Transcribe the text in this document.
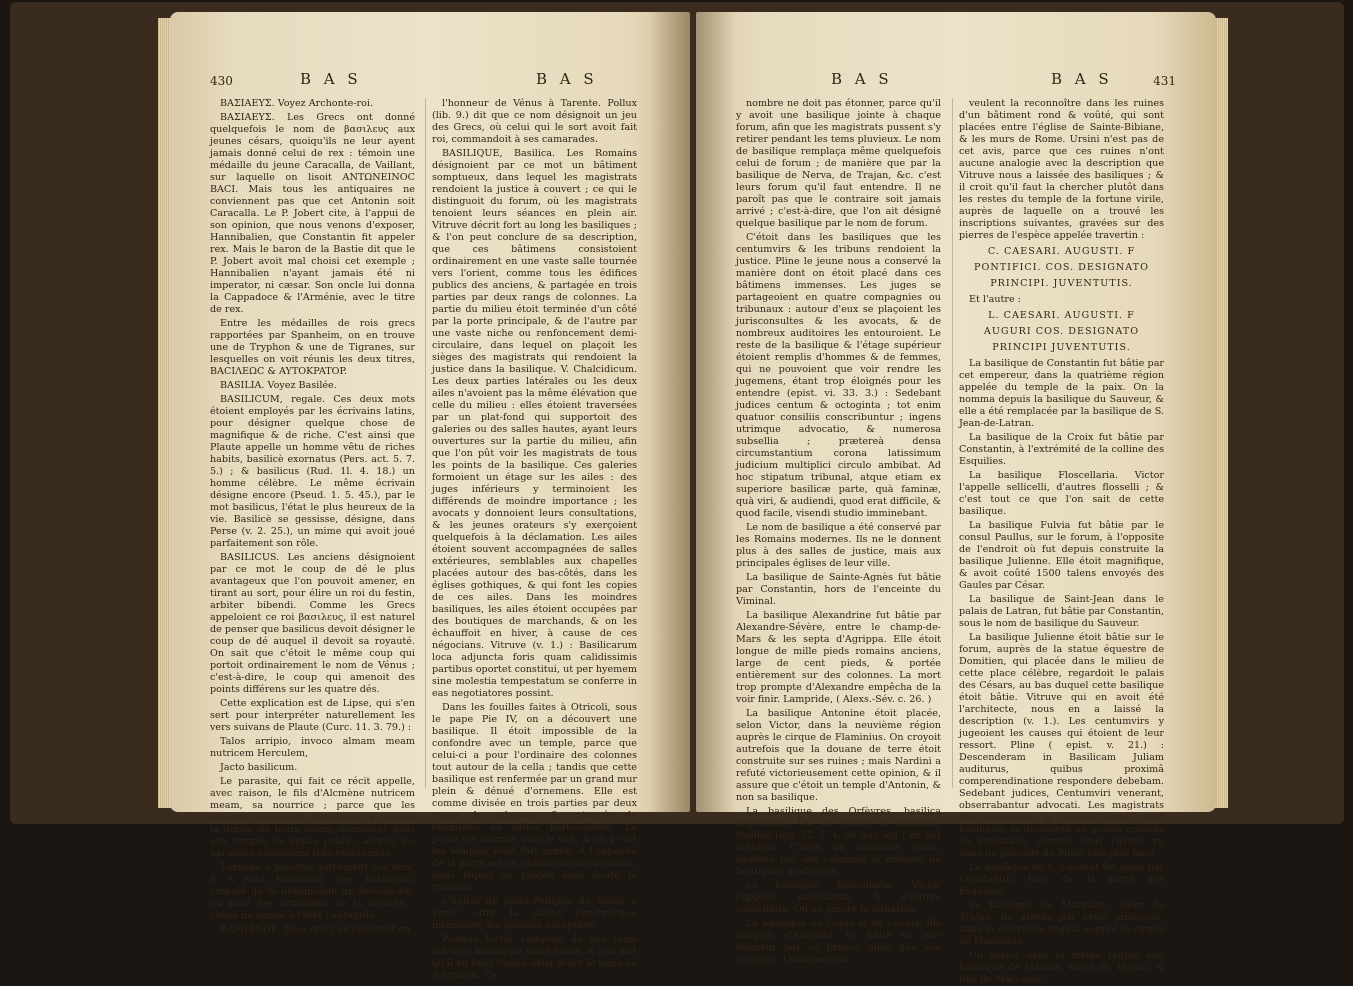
430	B A S	B A S

BAΣIAEYΣ. Voyez Archonte-roi.

BAΣIAEYΣ. Les Grecs ont donné quelquefois le nom de βασιλευς aux jeunes césars, quoiqu'ils ne leur ayent jamais donné celui de rex : témoin une médaille du jeune Caracalla, de Vaillant, sur laquelle on lisoit ANTΩNEINOC BACI. Mais tous les antiquaires ne conviennent pas que cet Antonin soit Caracalla. Le P. Jobert cite, à l'appui de son opinion, que nous venons d'exposer, Hannibalien, que Constantin fit appeler rex. Mais le baron de la Bastie dit que le P. Jobert avoit mal choisi cet exemple ; Hannibalien n'ayant jamais été ni imperator, ni cæsar. Son oncle lui donna la Cappadoce & l'Arménie, avec le titre de rex.

Entre les médailles de rois grecs rapportées par Spanheim, on en trouve une de Tryphon & une de Tigranes, sur lesquelles on voit réunis les deux titres, BACIΛEΩC & AYTOKPATOP.

BASILIA. Voyez Basilée.

BASILICUM, regale. Ces deux mots étoient employés par les écrivains latins, pour désigner quelque chose de magnifique & de riche. C'est ainsi que Plaute appelle un homme vêtu de riches habits, basilicè exornatus (Pers. act. 5. 7. 5.) ; & basilicus (Rud. 1l. 4. 18.) un homme célèbre. Le même écrivain désigne encore (Pseud. 1. 5. 45.), par le mot basilicus, l'état le plus heureux de la vie. Basilicè se gessisse, désigne, dans Perse (v. 2. 25.), un mime qui avoit joué parfaitement son rôle.

BASILICUS. Les anciens désignoient par ce mot le coup de dé le plus avantageux que l'on pouvoit amener, en tirant au sort, pour élire un roi du festin, arbiter bibendi. Comme les Grecs appeloient ce roi βασιλευς, il est naturel de penser que basilicus devoit désigner le coup de dé auquel il devoit sa royauté. On sait que c'étoit le même coup qui portoit ordinairement le nom de Vénus ; c'est-à-dire, le coup qui amenoit des points différens sur les quatre dés.

Cette explication est de Lipse, qui s'en sert pour interpréter naturellement les vers suivans de Plaute (Curc. 11. 3. 79.) :

Talos arripio, invoco almam meam nutricem Herculem,

Jacto basilicum.

Le parasite, qui fait ce récit appelle, avec raison, le fils d'Alcmène nutricem meam, sa nourrice ; parce que les anciens consacrant quelquefois à ce dieu la dixme de leurs biens, donnoient dans son temple un repas public, auquel les parasites assistoient très-exactement.

Turnèbe a ponctué autrement ces vers, & a joint Herculem avec basilicum, croyant qu'ils désignoient un hercule-roi, ou paré des ornemens de la royauté ; chose inconnue à toute l'antiquité.

BASILINDE, fêtes que l'on célébroit en

l'honneur de Vénus à Tarente. Pollux (lib. 9.) dit que ce nom désignoit un jeu des Grecs, où celui qui le sort avoit fait roi, commandoit à ses camarades.

BASILIQUE, Basilica. Les Romains désignoient par ce mot un bâtiment somptueux, dans lequel les magistrats rendoient la justice à couvert ; ce qui le distinguoit du forum, où les magistrats tenoient leurs séances en plein air. Vitruve décrit fort au long les basiliques ; & l'on peut conclure de sa description, que ces bâtimens consistoient ordinairement en une vaste salle tournée vers l'orient, comme tous les édifices publics des anciens, & partagée en trois parties par deux rangs de colonnes. La partie du milieu étoit terminée d'un côté par la porte principale, & de l'autre par une vaste niche ou renfoncement demi-circulaire, dans lequel on plaçoit les sièges des magistrats qui rendoient la justice dans la basilique. V. Chalcidicum. Les deux parties latérales ou les deux ailes n'avoient pas la même élévation que celle du milieu : elles étoient traversées par un plat-fond qui supportoit des galeries ou des salles hautes, ayant leurs ouvertures sur la partie du milieu, afin que l'on pût voir les magistrats de tous les points de la basilique. Ces galeries formoient un étage sur les ailes : des juges inférieurs y terminoient les différends de moindre importance ; les avocats y donnoient leurs consultations, & les jeunes orateurs s'y exerçoient quelquefois à la déclamation. Les ailes étoient souvent accompagnées de salles extérieures, semblables aux chapelles placées autour des bas-côtés, dans les églises gothiques, & qui font les copies de ces ailes. Dans les moindres basiliques, les ailes étoient occupées par des boutiques de marchands, & on les échauffoit en hiver, à cause de ces négocians. Vitruve (v. 1.) : Basilicarum loca adjuncta foris quam calidissimis partibus oportet constitui, ut per hyemem sine molestia tempestatum se conferre in eas negotiatores possint.

Dans les fouilles faites à Otricoli, sous le pape Pie IV, on a découvert une basilique. Il étoit impossible de la confondre avec un temple, parce que celui-ci a pour l'ordinaire des colonnes tout autour de la cella ; tandis que cette basilique est renfermée par un grand mur plein & dénué d'ornemens. Elle est comme divisée en trois parties par deux rangs de colonnes, & entourée de chambres ou salles particulières. La porte est tournée vers le sud, & on y voit les temples étoit fort ornée. A l'opposite de la porte est un enfoncement circulaire, dans lequel on plaçoit sans doute le tribunal.

L'église de Saint-Philippe du Roule à Paris, offre la même construction intérieure, les galeries exceptées.

Publius Victor comptoit de son tems dix-neuf basiliques dans Rome, & l'on sait qu'il en étoit tombé deux avant le tems où il écrivoit. Ce

B A S	B A S	431

nombre ne doit pas étonner, parce qu'il y avoit une basilique jointe à chaque forum, afin que les magistrats pussent s'y retirer pendant les tems pluvieux. Le nom de basilique remplaça même quelquefois celui de forum ; de manière que par la basilique de Nerva, de Trajan, &c. c'est leurs forum qu'il faut entendre. Il ne paroît pas que le contraire soit jamais arrivé ; c'est-à-dire, que l'on ait désigné quelque basilique par le nom de forum.

C'étoit dans les basiliques que les centumvirs & les tribuns rendoient la justice. Pline le jeune nous a conservé la manière dont on étoit placé dans ces bâtimens immenses. Les juges se partageoient en quatre compagnies ou tribunaux : autour d'eux se plaçoient les jurisconsultes & les avocats, & de nombreux auditoires les entouroient. Le reste de la basilique & l'étage supérieur étoient remplis d'hommes & de femmes, qui ne pouvoient que voir rendre les jugemens, étant trop éloignés pour les entendre (epist. vi. 33. 3.) : Sedebant judices centum & octoginta ; tot enim quatuor consiliis conscribuntur ; ingens utrimque advocatio, & numerosa subsellia ; prætereà densa circumstantium corona latissimum judicium multiplici circulo ambibat. Ad hoc stipatum tribunal, atque etiam ex superiore basilicæ parte, quà faminæ, quà viri, & audiendi, quod erat difficile, & quod facile, visendi studio imminebant.

Le nom de basilique a été conservé par les Romains modernes. Ils ne le donnent plus à des salles de justice, mais aux principales églises de leur ville.

La basilique de Sainte-Agnès fut bâtie par Constantin, hors de l'enceinte du Viminal.

La basilique Alexandrine fut bâtie par Alexandre-Sévère, entre le champ-de-Mars & les septa d'Agrippa. Elle étoit longue de mille pieds romains anciens, large de cent pieds, & portée entièrement sur des colonnes. La mort trop prompte d'Alexandre empêcha de la voir finir. Lampride, ( Alexs.-Sév. c. 26. )

La basilique Antonine étoit placée, selon Victor, dans la neuvième région auprès le cirque de Flaminius. On croyoit autrefois que la douane de terre étoit construite sur ses ruines ; mais Nardini a refuté victorieusement cette opinion, & il assure que c'étoit un temple d'Antonin, & non sa basilique.

La basilique des Orfèvres, basilica argentaria. On en ignore la situation. Paullus (leg. 32, §. 4. de aur. leg.) en fait mention. C'étoit un bâtiment voûté, soutenu par des colonnes & entouré de boutiques d'orfèvres.

La basilique Boscellaria. Victor l'appelle vascellaria, & d'autres vassellaria. On en ignore la situation.

La basilique de Caius & de Lucius, fils adoptifs d'Auguste, fut bâtie en leur honneur par ce prince, ainsi que son portique. Quelques-uns

veulent la reconnoître dans les ruines d'un bâtiment rond & voûté, qui sont placées entre l'église de Sainte-Bibiane, & les murs de Rome. Ursini n'est pas de cet avis, parce que ces ruines n'ont aucune analogie avec la description que Vitruve nous a laissée des basiliques ; & il croit qu'il faut la chercher plutôt dans les restes du temple de la fortune virile, auprès de laquelle on a trouvé les inscriptions suivantes, gravées sur des pierres de l'espèce appelée travertin :

C. CAESARI. AUGUSTI. F

PONTIFICI. COS. DESIGNATO

PRINCIPI. JUVENTUTIS.

Et l'autre :

L. CAESARI. AUGUSTI. F

AUGURI COS. DESIGNATO

PRINCIPI JUVENTUTIS.

La basilique de Constantin fut bâtie par cet empereur, dans la quatrième région appelée du temple de la paix. On la nomma depuis la basilique du Sauveur, & elle a été remplacée par la basilique de S. Jean-de-Latran.

La basilique de la Croix fut bâtie par Constantin, à l'extrémité de la colline des Esquilies.

La basilique Floscellaria. Victor l'appelle sellicelli, d'autres flosselli ; & c'est tout ce que l'on sait de cette basilique.

La basilique Fulvia fut bâtie par le consul Paullus, sur le forum, à l'opposite de l'endroit où fut depuis construite la basilique Julienne. Elle étoit magnifique, & avoit coûté 1500 talens envoyés des Gaules par César.

La basilique de Saint-Jean dans le palais de Latran, fut bâtie par Constantin, sous le nom de basilique du Sauveur.

La basilique Julienne étoit bâtie sur le forum, auprès de la statue équestre de Domitien, qui placée dans le milieu de cette place célèbre, regardoit le palais des Césars, au bas duquel cette basilique étoit bâtie. Vitruve qui en avoit été l'architecte, nous en a laissé la description (v. 1.). Les centumvirs y jugeoient les causes qui étoient de leur ressort. Pline ( epist. v. 21.) : Descenderam in Basilicam Juliam auditurus, quibus proximâ comperendinatione respondere debebam. Sedebant judices, Centumviri venerant, obserrabantur advocati. Les magistrats qui rendoient la justice dans cette basilique, se divisoient en quatre comités ou tribunaux, comme nous l'avons vu dans un passage de Pline, cité plus haut.

La basilique de S. Laurent fut bâtie par Constantin, hors de la porte des Esquilies.

La basilique de Marciane, sœur de Trajan, fut élevée par cette princesse, dans la neuvième région auprès le cirque de Flaminius.

On voyoit dans la même région une basilique de Matidie, nièce de Trajan, & fille de Marciane.
